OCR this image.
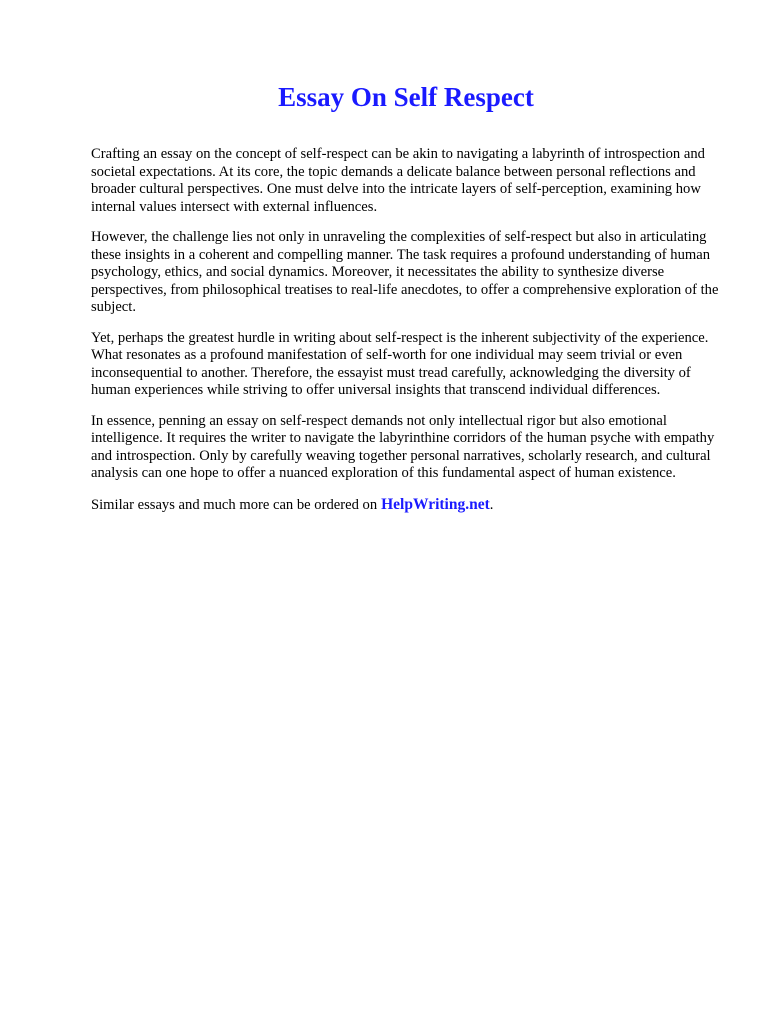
Essay On Self Respect

Crafting an essay on the concept of self-respect can be akin to navigating a labyrinth of introspection and societal expectations. At its core, the topic demands a delicate balance between personal reflections and broader cultural perspectives. One must delve into the intricate layers of self-perception, examining how internal values intersect with external influences.

However, the challenge lies not only in unraveling the complexities of self-respect but also in articulating these insights in a coherent and compelling manner. The task requires a profound understanding of human psychology, ethics, and social dynamics. Moreover, it necessitates the ability to synthesize diverse perspectives, from philosophical treatises to real-life anecdotes, to offer a comprehensive exploration of the subject.

Yet, perhaps the greatest hurdle in writing about self-respect is the inherent subjectivity of the experience. What resonates as a profound manifestation of self-worth for one individual may seem trivial or even inconsequential to another. Therefore, the essayist must tread carefully, acknowledging the diversity of human experiences while striving to offer universal insights that transcend individual differences.

In essence, penning an essay on self-respect demands not only intellectual rigor but also emotional intelligence. It requires the writer to navigate the labyrinthine corridors of the human psyche with empathy and introspection. Only by carefully weaving together personal narratives, scholarly research, and cultural analysis can one hope to offer a nuanced exploration of this fundamental aspect of human existence.

Similar essays and much more can be ordered on HelpWriting.net.
